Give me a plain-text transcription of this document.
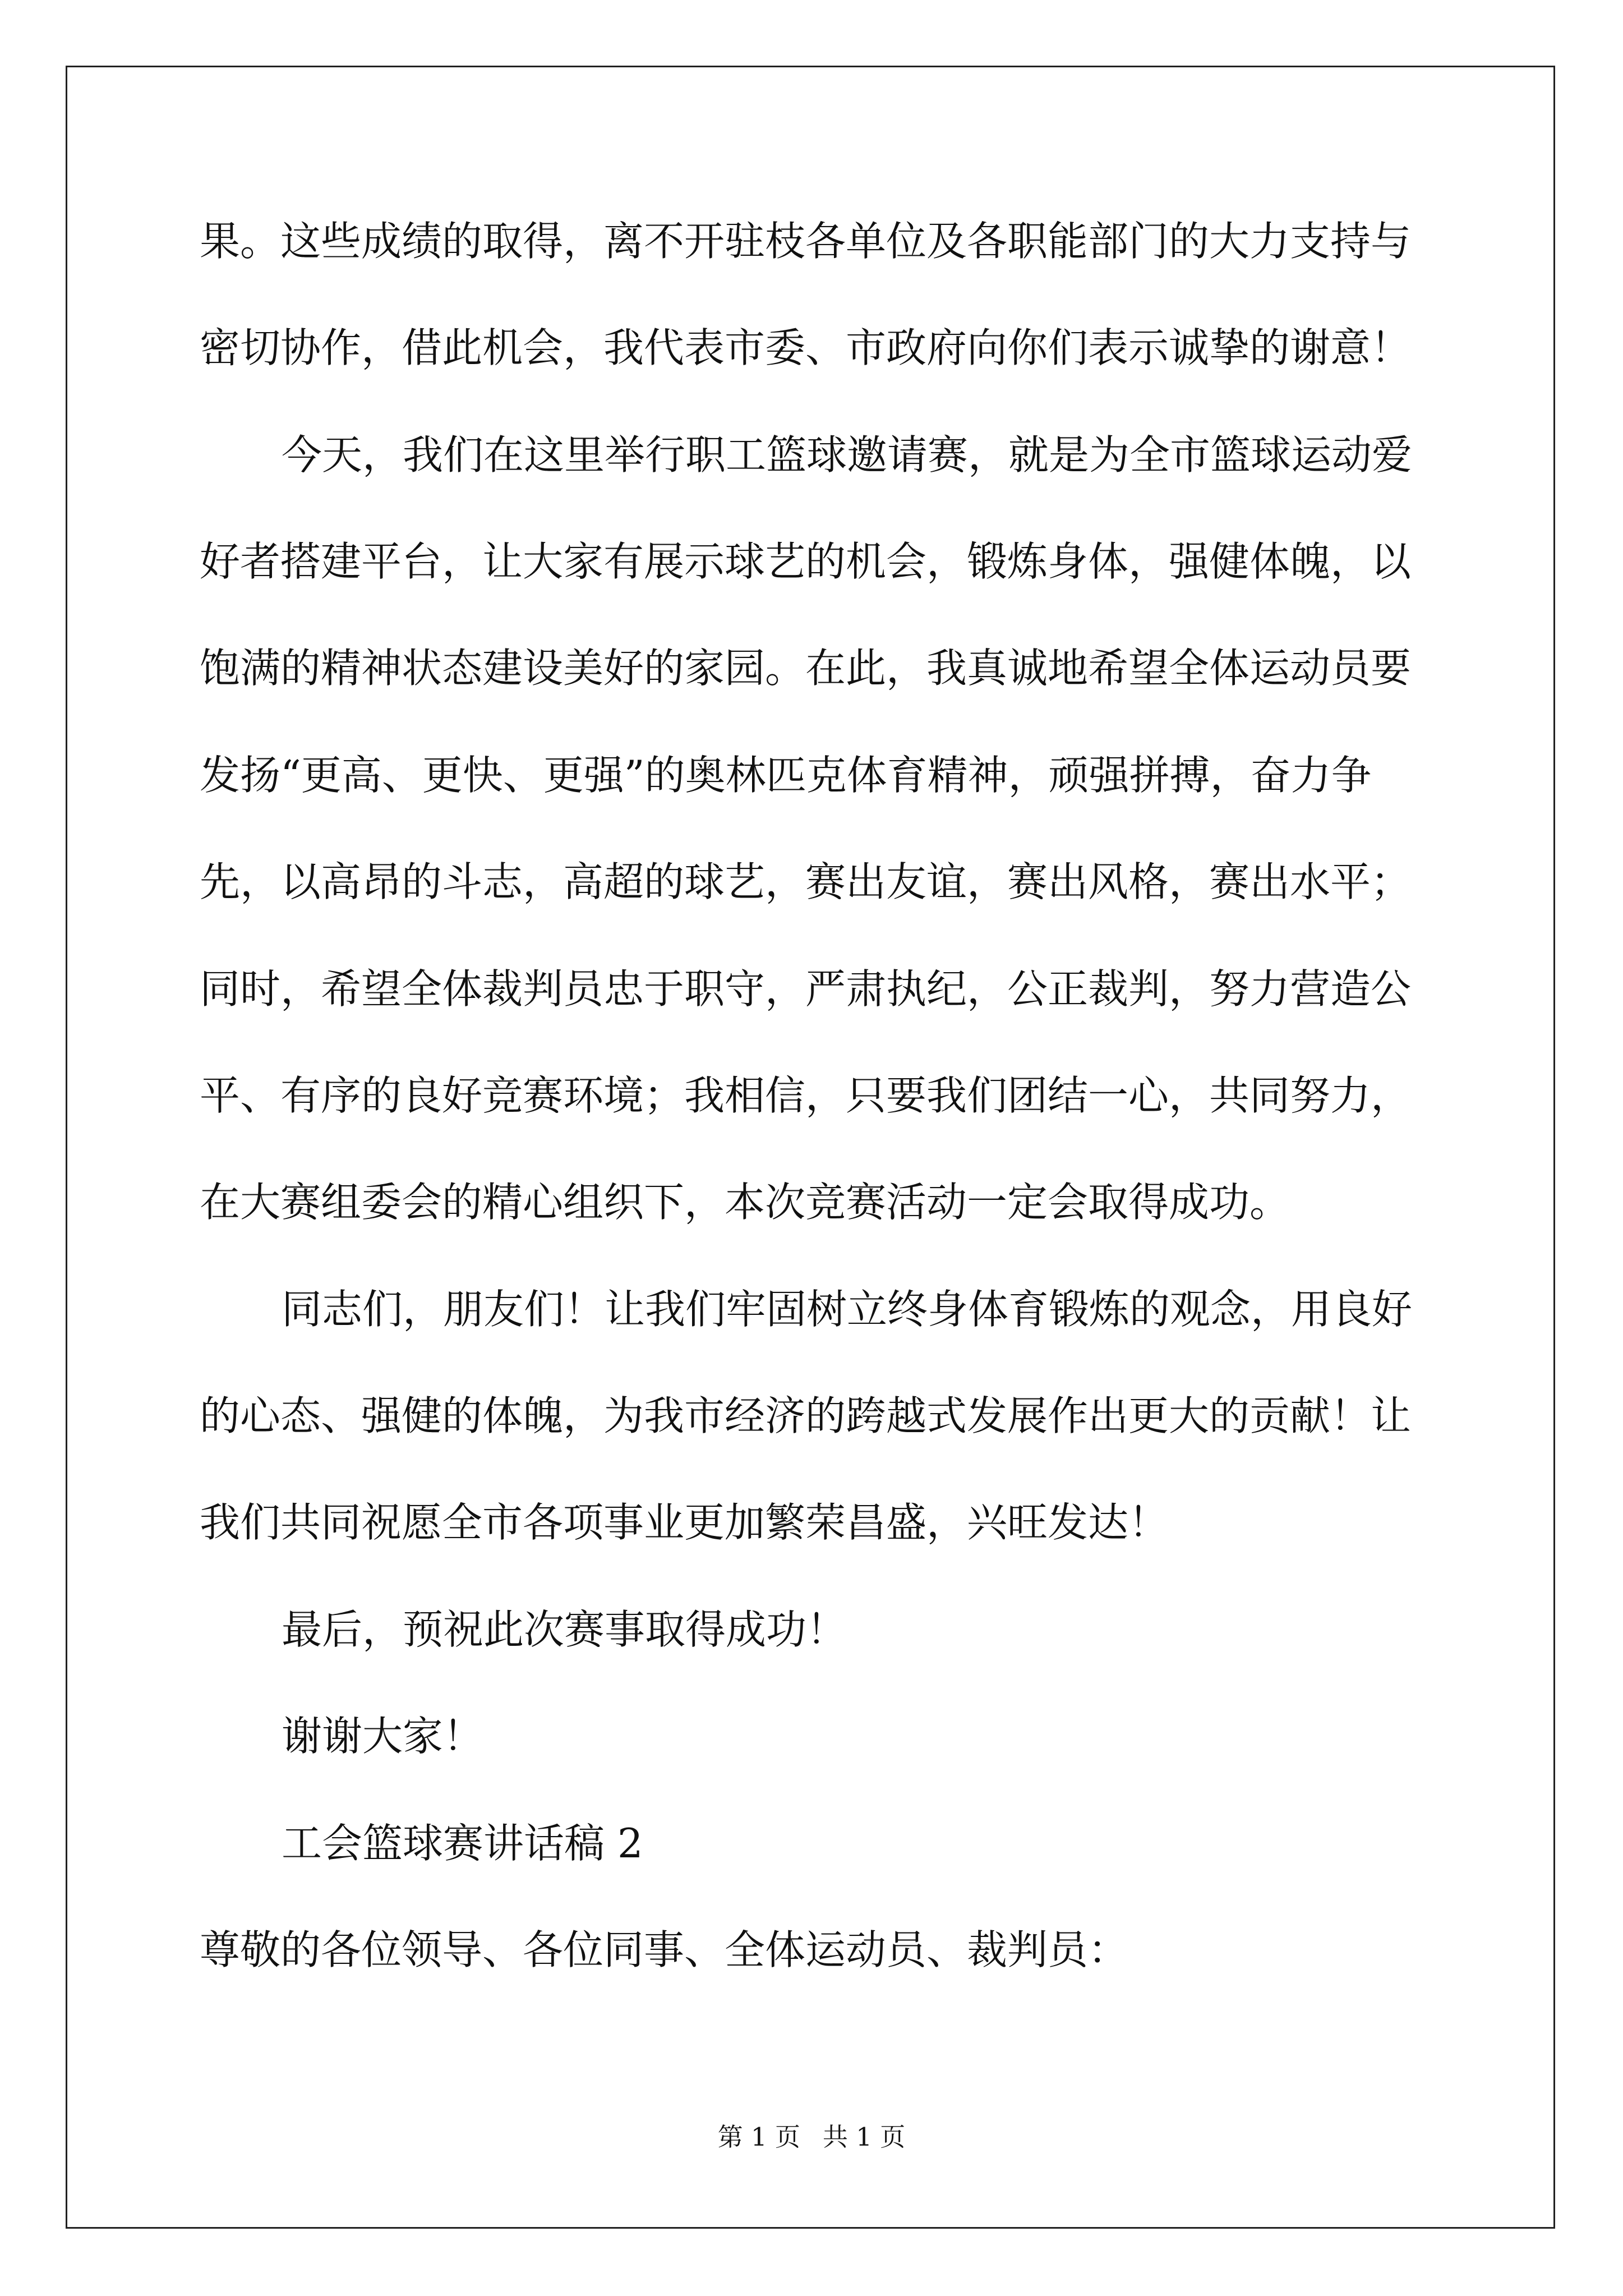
果。这些成绩的取得，离不开驻枝各单位及各职能部门的大力支持与
密切协作，借此机会，我代表市委、市政府向你们表示诚挚的谢意！
今天，我们在这里举行职工篮球邀请赛，就是为全市篮球运动爱
好者搭建平台，让大家有展示球艺的机会，锻炼身体，强健体魄，以
饱满的精神状态建设美好的家园。在此，我真诚地希望全体运动员要
发扬“更高、更快、更强”的奥林匹克体育精神，顽强拼搏，奋力争
先，以高昂的斗志，高超的球艺，赛出友谊，赛出风格，赛出水平；
同时，希望全体裁判员忠于职守，严肃执纪，公正裁判，努力营造公
平、有序的良好竞赛环境；我相信，只要我们团结一心，共同努力，
在大赛组委会的精心组织下，本次竞赛活动一定会取得成功。
同志们，朋友们！让我们牢固树立终身体育锻炼的观念，用良好
的心态、强健的体魄，为我市经济的跨越式发展作出更大的贡献！让
我们共同祝愿全市各项事业更加繁荣昌盛，兴旺发达！
最后，预祝此次赛事取得成功！
谢谢大家！
工会篮球赛讲话稿 2
尊敬的各位领导、各位同事、全体运动员、裁判员：
第 1 页 共 1 页
